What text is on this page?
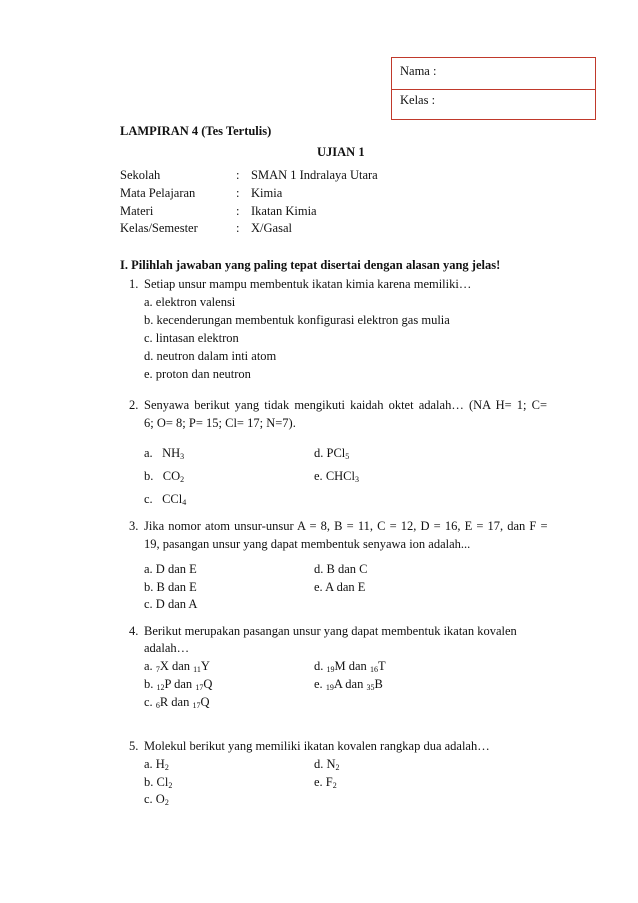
Nama :
Kelas :
LAMPIRAN 4 (Tes Tertulis)
UJIAN 1
Sekolah	: SMAN 1 Indralaya Utara
Mata Pelajaran	: Kimia
Materi	: Ikatan Kimia
Kelas/Semester	: X/Gasal
I. Pilihlah jawaban yang paling tepat disertai dengan alasan yang jelas!
1. Setiap unsur mampu membentuk ikatan kimia karena memiliki…
a. elektron valensi
b. kecenderungan membentuk konfigurasi elektron gas mulia
c. lintasan elektron
d. neutron dalam inti atom
e. proton dan neutron
2. Senyawa berikut yang tidak mengikuti kaidah oktet adalah… (NA H= 1; C=
6; O= 8; P= 15; Cl= 17; N=7).
a. $NH_3$	d. PCl$_5$
b. $CO_2$	e. CHCl$_3$
c. CCl$_4$
3. Jika nomor atom unsur-unsur A = 8, B = 11, C = 12, D = 16, E = 17, dan F =
19, pasangan unsur yang dapat membentuk senyawa ion adalah...
a. D dan E	d. B dan C
b. B dan E	e. A dan E
c. D dan A
4. Berikut merupakan pasangan unsur yang dapat membentuk ikatan kovalen
adalah…
a. 7X dan 11Y	d. 19M dan 16T
b. 12P dan 17Q	e. 19A dan 35B
c. 6R dan 17Q
5. Molekul berikut yang memiliki ikatan kovalen rangkap dua adalah…
a. $H_2$	d. $N_2$
b. $Cl_2$	e. $F_2$
c. $O_2$
